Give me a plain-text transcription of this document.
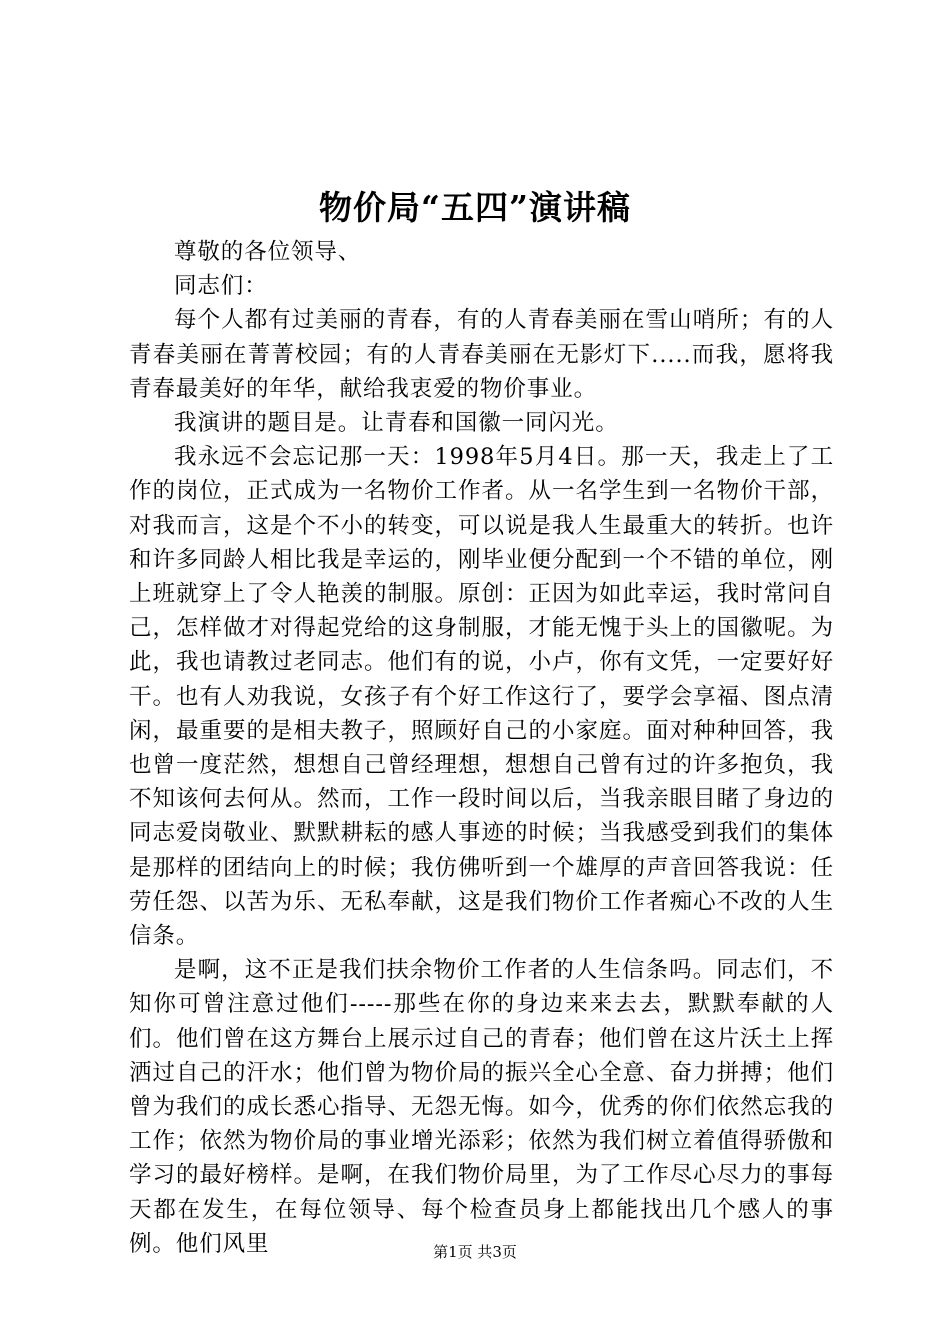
物价局“五四”演讲稿

尊敬的各位领导、

同志们：

每个人都有过美丽的青春，有的人青春美丽在雪山哨所；有的人青春美丽在菁菁校园；有的人青春美丽在无影灯下.....而我，愿将我青春最美好的年华，献给我衷爱的物价事业。

我演讲的题目是。让青春和国徽一同闪光。

我永远不会忘记那一天：1998年5月4日。那一天，我走上了工作的岗位，正式成为一名物价工作者。从一名学生到一名物价干部，对我而言，这是个不小的转变，可以说是我人生最重大的转折。也许和许多同龄人相比我是幸运的，刚毕业便分配到一个不错的单位，刚上班就穿上了令人艳羡的制服。原创：正因为如此幸运，我时常问自己，怎样做才对得起党给的这身制服，才能无愧于头上的国徽呢。为此，我也请教过老同志。他们有的说，小卢，你有文凭，一定要好好干。也有人劝我说，女孩子有个好工作这行了，要学会享福、图点清闲，最重要的是相夫教子，照顾好自己的小家庭。面对种种回答，我也曾一度茫然，想想自己曾经理想，想想自己曾有过的许多抱负，我不知该何去何从。然而，工作一段时间以后，当我亲眼目睹了身边的同志爱岗敬业、默默耕耘的感人事迹的时候；当我感受到我们的集体是那样的团结向上的时候；我仿佛听到一个雄厚的声音回答我说：任劳任怨、以苦为乐、无私奉献，这是我们物价工作者痴心不改的人生信条。

是啊，这不正是我们扶余物价工作者的人生信条吗。同志们，不知你可曾注意过他们-----那些在你的身边来来去去，默默奉献的人们。他们曾在这方舞台上展示过自己的青春；他们曾在这片沃土上挥洒过自己的汗水；他们曾为物价局的振兴全心全意、奋力拼搏；他们曾为我们的成长悉心指导、无怨无悔。如今，优秀的你们依然忘我的工作；依然为物价局的事业增光添彩；依然为我们树立着值得骄傲和学习的最好榜样。是啊，在我们物价局里，为了工作尽心尽力的事每天都在发生，在每位领导、每个检查员身上都能找出几个感人的事例。他们风里	第1页 共3页
